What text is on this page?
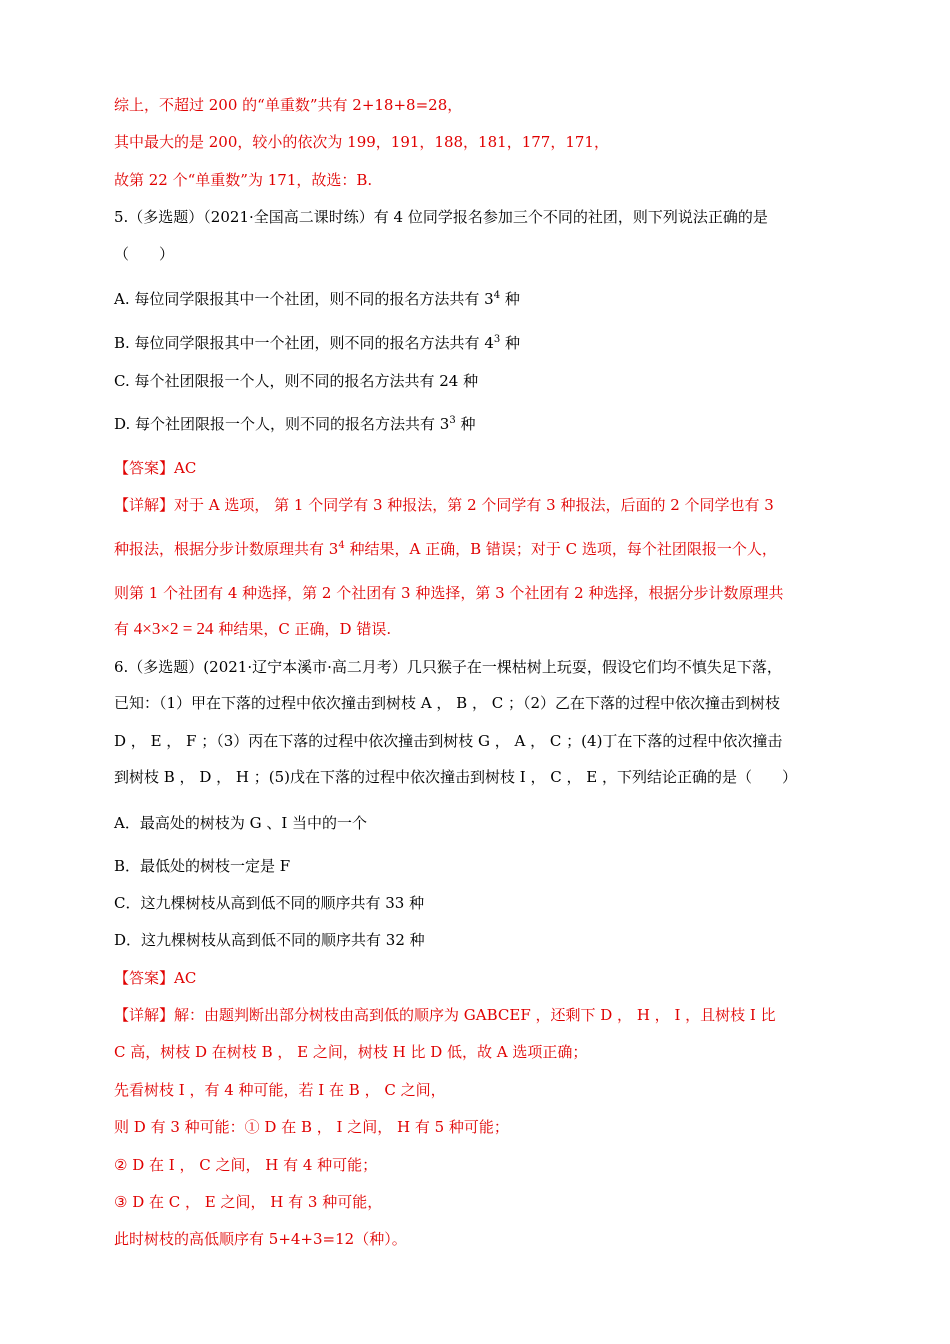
综上，不超过 200 的“单重数”共有 2+18+8=28，
其中最大的是 200，较小的依次为 199，191，188，181，177，171，
故第 22 个“单重数”为 171，故选：B.
5.（多选题）（2021·全国高二课时练）有 4 位同学报名参加三个不同的社团，则下列说法正确的是
（　　）
A. 每位同学限报其中一个社团，则不同的报名方法共有 $3^4$ 种
B. 每位同学限报其中一个社团，则不同的报名方法共有 $4^3$ 种
C. 每个社团限报一个人，则不同的报名方法共有 24 种
D. 每个社团限报一个人，则不同的报名方法共有 $3^3$ 种
【答案】AC
【详解】对于 A 选项， 第 1 个同学有 3 种报法，第 2 个同学有 3 种报法，后面的 2 个同学也有 3
种报法，根据分步计数原理共有 $3^4$ 种结果，A 正确，B 错误；对于 C 选项，每个社团限报一个人，
则第 1 个社团有 4 种选择，第 2 个社团有 3 种选择，第 3 个社团有 2 种选择，根据分步计数原理共
有 4×3×2 = 24 种结果，C 正确，D 错误.
6.（多选题）(2021·辽宁本溪市·高二月考）几只猴子在一棵枯树上玩耍，假设它们均不慎失足下落，
已知：（1）甲在下落的过程中依次撞击到树枝 A ， B ， C ；（2）乙在下落的过程中依次撞击到树枝
D ， E ， F ；（3）丙在下落的过程中依次撞击到树枝 G ， A ， C ；(4)丁在下落的过程中依次撞击
到树枝 B ， D ， H ；(5)戊在下落的过程中依次撞击到树枝 I ， C ， E ，下列结论正确的是（　　）
A．最高处的树枝为 G 、I 当中的一个
B．最低处的树枝一定是 F
C．这九棵树枝从高到低不同的顺序共有 33 种
D．这九棵树枝从高到低不同的顺序共有 32 种
【答案】AC
【详解】解：由题判断出部分树枝由高到低的顺序为 GABCEF ，还剩下 D ， H ， I ，且树枝 I 比
C 高，树枝 D 在树枝 B ， E 之间，树枝 H 比 D 低，故 A 选项正确；
先看树枝 I ，有 4 种可能，若 I 在 B ， C 之间，
则 D 有 3 种可能：① D 在 B ， I 之间， H 有 5 种可能；
② D 在 I ， C 之间， H 有 4 种可能；
③ D 在 C ， E 之间， H 有 3 种可能，
此时树枝的高低顺序有 5+4+3=12（种）。
